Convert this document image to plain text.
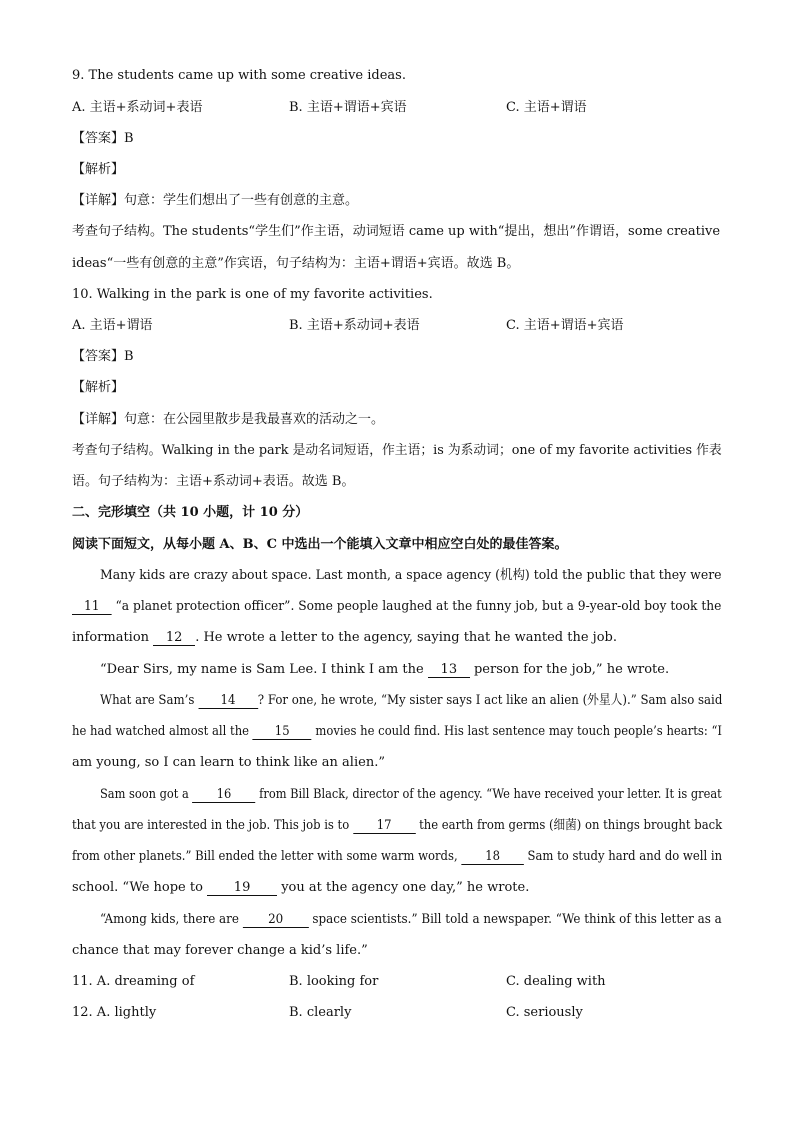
9. The students came up with some creative ideas.
A. 主语+系动词+表语	B. 主语+谓语+宾语	C. 主语+谓语
【答案】B
【解析】
【详解】句意：学生们想出了一些有创意的主意。
考查句子结构。The students“学生们”作主语，动词短语 came up with“提出，想出”作谓语，some creative
ideas“一些有创意的主意”作宾语，句子结构为：主语+谓语+宾语。故选 B。
10. Walking in the park is one of my favorite activities.
A. 主语+谓语	B. 主语+系动词+表语	C. 主语+谓语+宾语
【答案】B
【解析】
【详解】句意：在公园里散步是我最喜欢的活动之一。
考查句子结构。Walking in the park 是动名词短语，作主语；is 为系动词；one of my favorite activities 作表
语。句子结构为：主语+系动词+表语。故选 B。
二、完形填空（共 10 小题，计 10 分）
阅读下面短文，从每小题 A、B、C 中选出一个能填入文章中相应空白处的最佳答案。
Many kids are crazy about space. Last month, a space agency (机构) told the public that they were
11 “a planet protection officer”. Some people laughed at the funny job, but a 9-year-old boy took the
information 12 . He wrote a letter to the agency, saying that he wanted the job.
“Dear Sirs, my name is Sam Lee. I think I am the 13 person for the job,” he wrote.
What are Sam’s 14 ? For one, he wrote, “My sister says I act like an alien (外星人).” Sam also said
he had watched almost all the 15 movies he could find. His last sentence may touch people’s hearts: “I
am young, so I can learn to think like an alien.”
Sam soon got a 16 from Bill Black, director of the agency. “We have received your letter. It is great
that you are interested in the job. This job is to 17 the earth from germs (细菌) on things brought back
from other planets.” Bill ended the letter with some warm words, 18 Sam to study hard and do well in
school. “We hope to 19 you at the agency one day,” he wrote.
“Among kids, there are 20 space scientists.” Bill told a newspaper. “We think of this letter as a
chance that may forever change a kid’s life.”
11. A. dreaming of	B. looking for	C. dealing with
12. A. lightly	B. clearly	C. seriously
